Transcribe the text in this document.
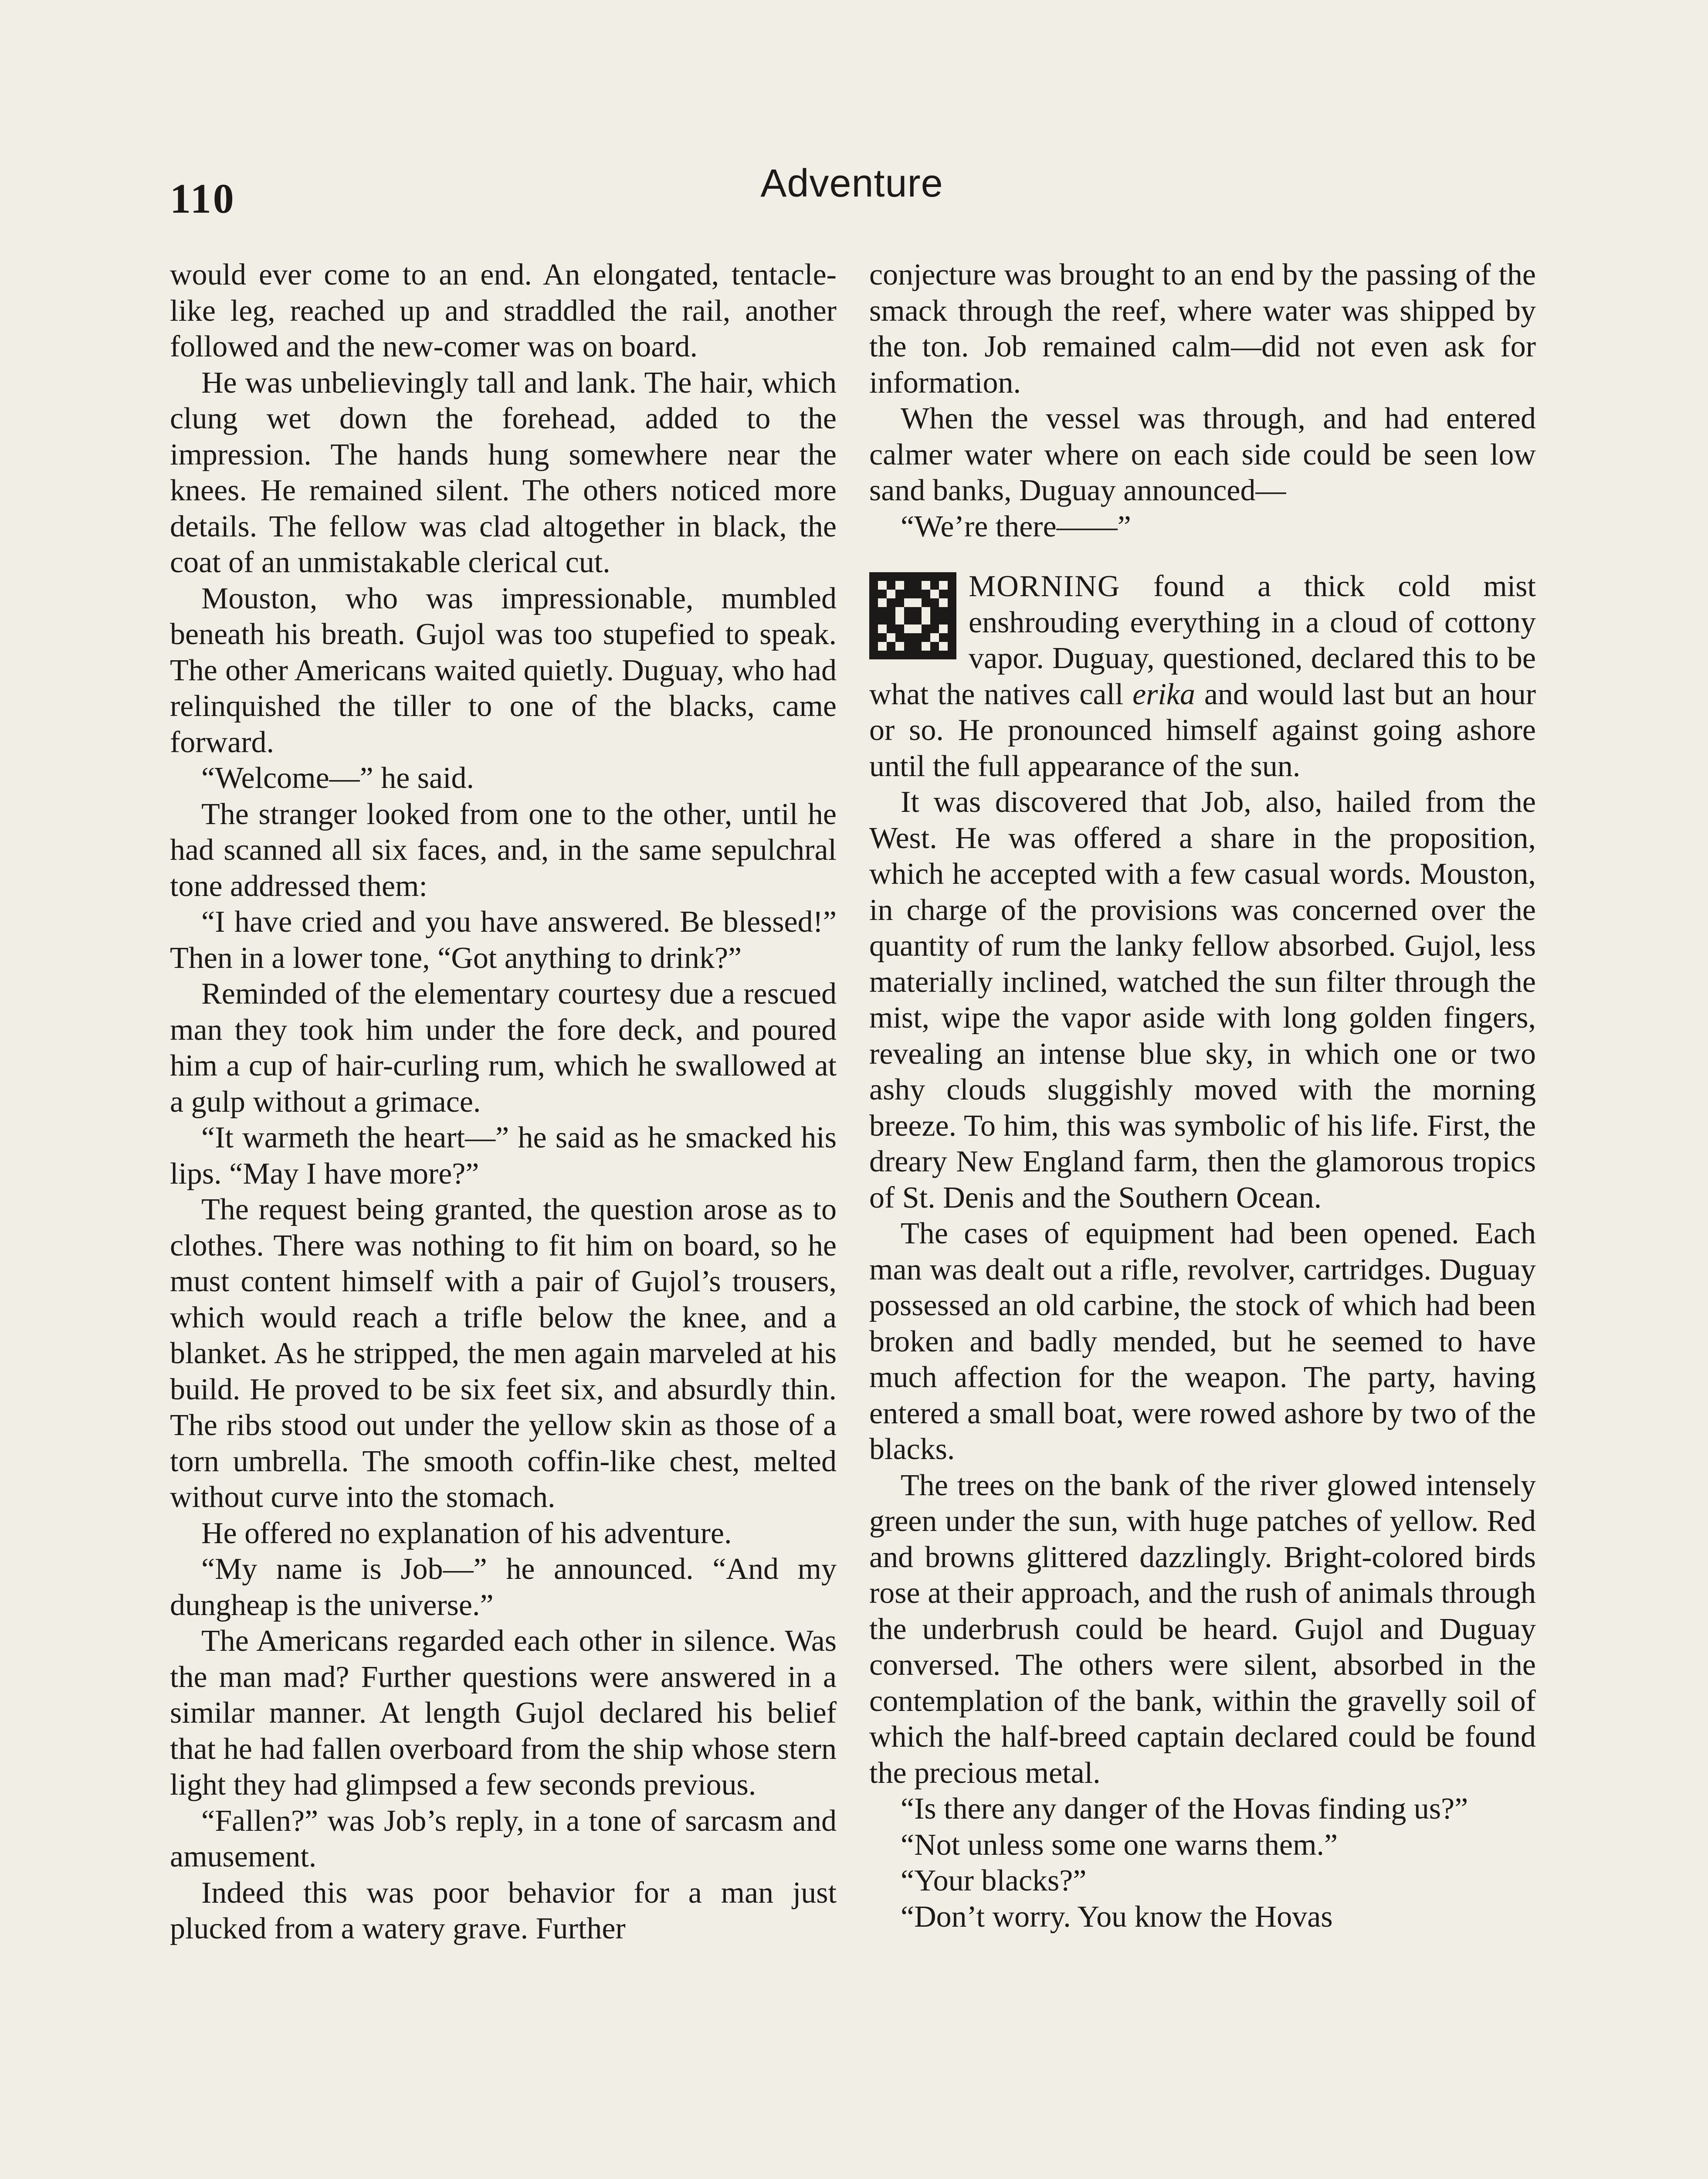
110	Adventure

would ever come to an end. An elongated, tentacle-like leg, reached up and straddled the rail, another followed and the new-comer was on board.

He was unbelievingly tall and lank. The hair, which clung wet down the forehead, added to the impression. The hands hung somewhere near the knees. He remained silent. The others noticed more details. The fellow was clad altogether in black, the coat of an unmistakable clerical cut.

Mouston, who was impressionable, mumbled beneath his breath. Gujol was too stupefied to speak. The other Americans waited quietly. Duguay, who had relinquished the tiller to one of the blacks, came forward.

“Welcome—” he said.

The stranger looked from one to the other, until he had scanned all six faces, and, in the same sepulchral tone addressed them:

“I have cried and you have answered. Be blessed!” Then in a lower tone, “Got anything to drink?”

Reminded of the elementary courtesy due a rescued man they took him under the fore deck, and poured him a cup of hair-curling rum, which he swallowed at a gulp without a grimace.

“It warmeth the heart—” he said as he smacked his lips. “May I have more?”

The request being granted, the question arose as to clothes. There was nothing to fit him on board, so he must content himself with a pair of Gujol’s trousers, which would reach a trifle below the knee, and a blanket. As he stripped, the men again marveled at his build. He proved to be six feet six, and absurdly thin. The ribs stood out under the yellow skin as those of a torn umbrella. The smooth coffin-like chest, melted without curve into the stomach.

He offered no explanation of his adventure.

“My name is Job—” he announced. “And my dungheap is the universe.”

The Americans regarded each other in silence. Was the man mad? Further questions were answered in a similar manner. At length Gujol declared his belief that he had fallen overboard from the ship whose stern light they had glimpsed a few seconds previous.

“Fallen?” was Job’s reply, in a tone of sarcasm and amusement.

Indeed this was poor behavior for a man just plucked from a watery grave. Further

conjecture was brought to an end by the passing of the smack through the reef, where water was shipped by the ton. Job remained calm—did not even ask for information.

When the vessel was through, and had entered calmer water where on each side could be seen low sand banks, Duguay announced—

“We’re there——”

MORNING found a thick cold mist enshrouding everything in a cloud of cottony vapor. Duguay, questioned, declared this to be what the natives call erika and would last but an hour or so. He pronounced himself against going ashore until the full appearance of the sun.

It was discovered that Job, also, hailed from the West. He was offered a share in the proposition, which he accepted with a few casual words. Mouston, in charge of the provisions was concerned over the quantity of rum the lanky fellow absorbed. Gujol, less materially inclined, watched the sun filter through the mist, wipe the vapor aside with long golden fingers, revealing an intense blue sky, in which one or two ashy clouds sluggishly moved with the morning breeze. To him, this was symbolic of his life. First, the dreary New England farm, then the glamorous tropics of St. Denis and the Southern Ocean.

The cases of equipment had been opened. Each man was dealt out a rifle, revolver, cartridges. Duguay possessed an old carbine, the stock of which had been broken and badly mended, but he seemed to have much affection for the weapon. The party, having entered a small boat, were rowed ashore by two of the blacks.

The trees on the bank of the river glowed intensely green under the sun, with huge patches of yellow. Red and browns glittered dazzlingly. Bright-colored birds rose at their approach, and the rush of animals through the underbrush could be heard. Gujol and Duguay conversed. The others were silent, absorbed in the contemplation of the bank, within the gravelly soil of which the half-breed captain declared could be found the precious metal.

“Is there any danger of the Hovas finding us?”

“Not unless some one warns them.”

“Your blacks?”

“Don’t worry. You know the Hovas
